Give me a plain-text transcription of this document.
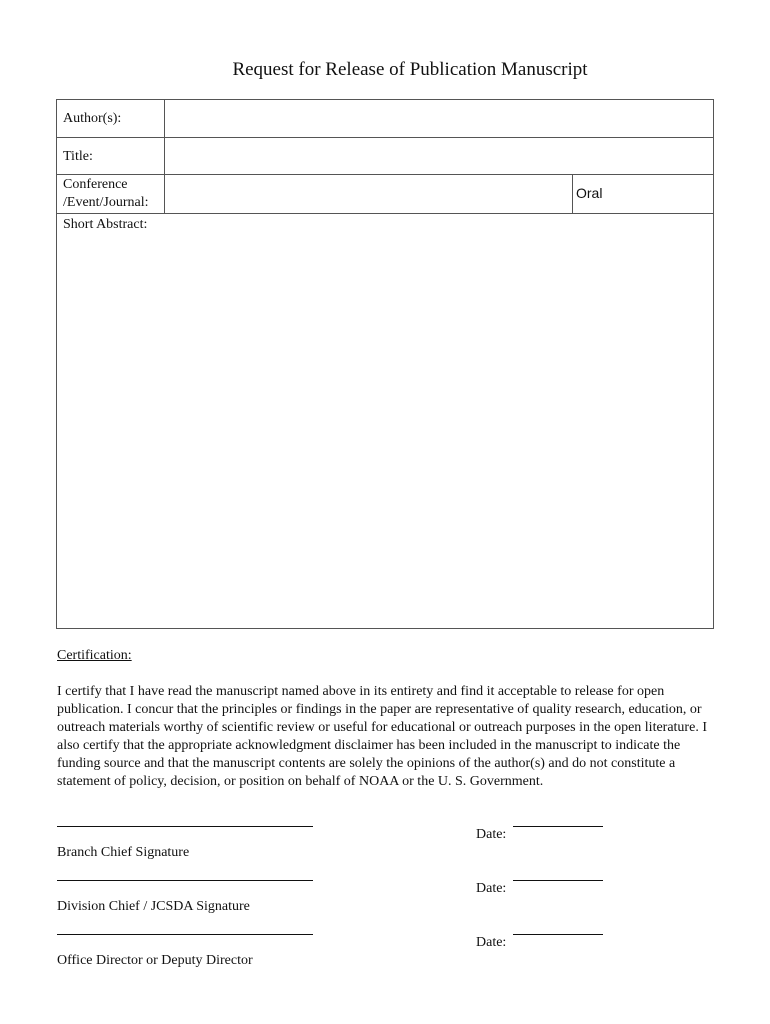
Request for Release of Publication Manuscript
Author(s):
Title:
Conference
/Event/Journal:
Oral
Short Abstract:
Certification:
I certify that I have read the manuscript named above in its entirety and find it acceptable to release for open publication. I concur that the principles or findings in the paper are representative of quality research, education, or outreach materials worthy of scientific review or useful for educational or outreach purposes in the open literature. I also certify that the appropriate acknowledgment disclaimer has been included in the manuscript to indicate the funding source and that the manuscript contents are solely the opinions of the author(s) and do not constitute a statement of policy, decision, or position on behalf of NOAA or the U. S. Government.
Branch Chief Signature
Date:
Division Chief / JCSDA Signature
Date:
Office Director or Deputy Director
Date:
